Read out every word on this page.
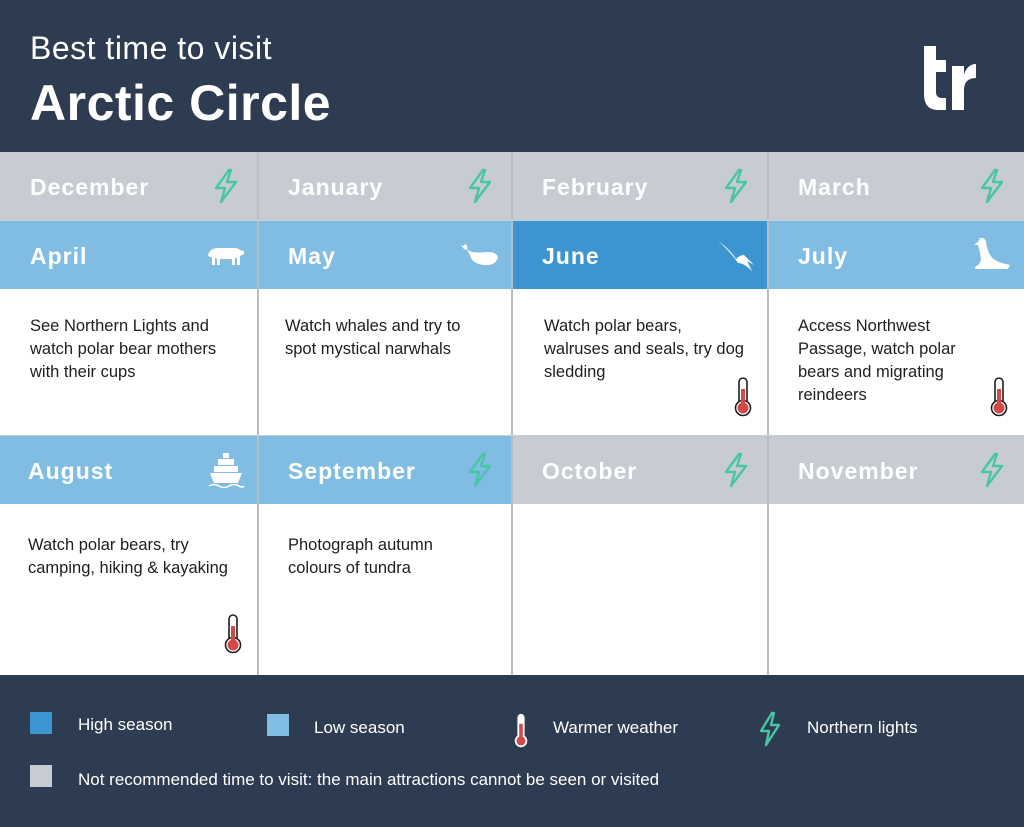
Best time to visit
Arctic Circle
December	January	February	March
April
See Northern Lights and watch polar bear mothers with their cups
May
Watch whales and try to spot mystical narwhals
June
Watch polar bears, walruses and seals, try dog sledding
July
Access Northwest Passage, watch polar bears and migrating reindeers
August
Watch polar bears, try camping, hiking & kayaking
September
Photograph autumn colours of tundra
October	November
High season	Low season	Warmer weather	Northern lights
Not recommended time to visit: the main attractions cannot be seen or visited
